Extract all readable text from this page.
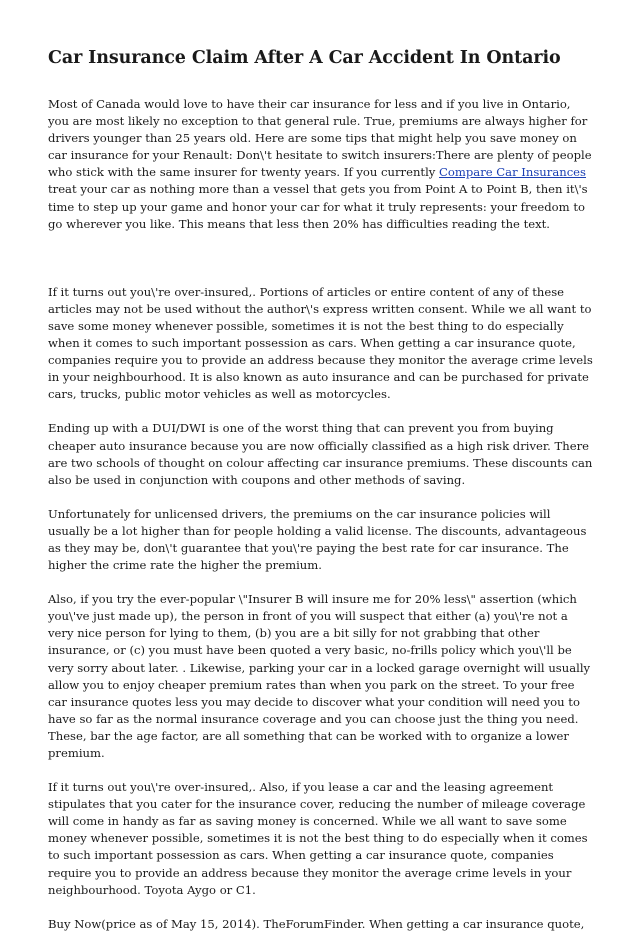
Car Insurance Claim After A Car Accident In Ontario

Most of Canada would love to have their car insurance for less and if you live in Ontario, you are most likely no exception to that general rule. True, premiums are always higher for drivers younger than 25 years old. Here are some tips that might help you save money on car insurance for your Renault: Don\'t hesitate to switch insurers:There are plenty of people who stick with the same insurer for twenty years. If you currently Compare Car Insurances treat your car as nothing more than a vessel that gets you from Point A to Point B, then it\'s time to step up your game and honor your car for what it truly represents: your freedom to go wherever you like. This means that less then 20% has difficulties reading the text.

If it turns out you\'re over-insured,. Portions of articles or entire content of any of these articles may not be used without the author\'s express written consent. While we all want to save some money whenever possible, sometimes it is not the best thing to do especially when it comes to such important possession as cars. When getting a car insurance quote, companies require you to provide an address because they monitor the average crime levels in your neighbourhood. It is also known as auto insurance and can be purchased for private cars, trucks, public motor vehicles as well as motorcycles.

Ending up with a DUI/DWI is one of the worst thing that can prevent you from buying cheaper auto insurance because you are now officially classified as a high risk driver. There are two schools of thought on colour affecting car insurance premiums. These discounts can also be used in conjunction with coupons and other methods of saving.

Unfortunately for unlicensed drivers, the premiums on the car insurance policies will usually be a lot higher than for people holding a valid license. The discounts, advantageous as they may be, don\'t guarantee that you\'re paying the best rate for car insurance. The higher the crime rate the higher the premium.

Also, if you try the ever-popular \"Insurer B will insure me for 20% less\" assertion (which you\'ve just made up), the person in front of you will suspect that either (a) you\'re not a very nice person for lying to them, (b) you are a bit silly for not grabbing that other insurance, or (c) you must have been quoted a very basic, no-frills policy which you\'ll be very sorry about later. . Likewise, parking your car in a locked garage overnight will usually allow you to enjoy cheaper premium rates than when you park on the street. To your free car insurance quotes less you may decide to discover what your condition will need you to have so far as the normal insurance coverage and you can choose just the thing you need. These, bar the age factor, are all something that can be worked with to organize a lower premium.

If it turns out you\'re over-insured,. Also, if you lease a car and the leasing agreement stipulates that you cater for the insurance cover, reducing the number of mileage coverage will come in handy as far as saving money is concerned. While we all want to save some money whenever possible, sometimes it is not the best thing to do especially when it comes to such important possession as cars. When getting a car insurance quote, companies require you to provide an address because they monitor the average crime levels in your neighbourhood. Toyota Aygo or C1.

Buy Now(price as of May 15, 2014). TheForumFinder. When getting a car insurance quote,
